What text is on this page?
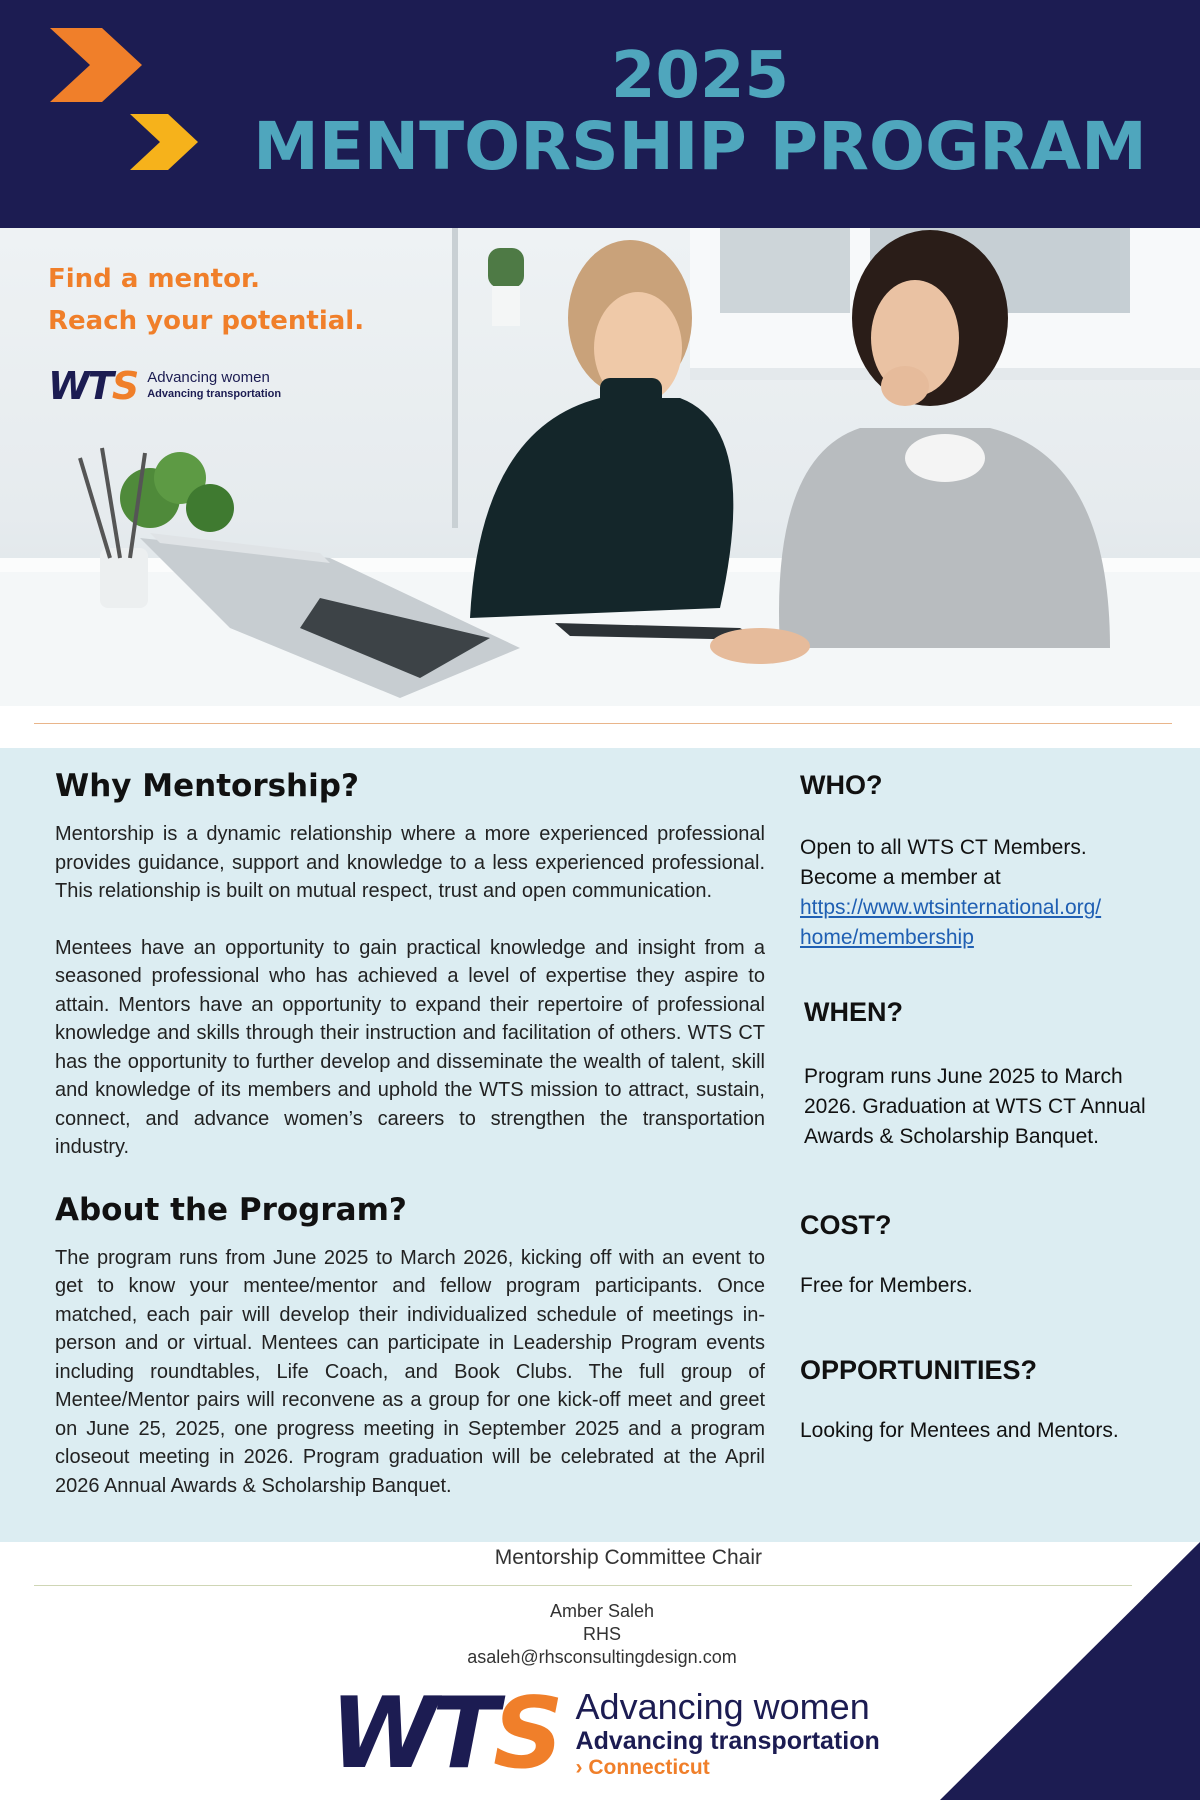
2025
MENTORSHIP PROGRAM
Find a mentor.
Reach your potential.
WTS Advancing women
Advancing transportation
Why Mentorship?

Mentorship is a dynamic relationship where a more experienced professional provides guidance, support and knowledge to a less experienced professional. This relationship is built on mutual respect, trust and open communication.

Mentees have an opportunity to gain practical knowledge and insight from a seasoned professional who has achieved a level of expertise they aspire to attain. Mentors have an opportunity to expand their repertoire of professional knowledge and skills through their instruction and facilitation of others. WTS CT has the opportunity to further develop and disseminate the wealth of talent, skill and knowledge of its members and uphold the WTS mission to attract, sustain, connect, and advance women’s careers to strengthen the transportation industry.

About the Program?

The program runs from June 2025 to March 2026, kicking off with an event to get to know your mentee/mentor and fellow program participants. Once matched, each pair will develop their individualized schedule of meetings in-person and or virtual. Mentees can participate in Leadership Program events including roundtables, Life Coach, and Book Clubs. The full group of Mentee/Mentor pairs will reconvene as a group for one kick-off meet and greet on June 25, 2025, one progress meeting in September 2025 and a program closeout meeting in 2026. Program graduation will be celebrated at the April 2026 Annual Awards & Scholarship Banquet.

WHO?

Open to all WTS CT Members.

Become a member at

https://www.wtsinternational.org/
home/membership

WHEN?

Program runs June 2025 to March 2026. Graduation at WTS CT Annual Awards & Scholarship Banquet.

COST?

Free for Members.

OPPORTUNITIES?

Looking for Mentees and Mentors.

Mentorship Committee Chair
Amber Saleh
RHS
asaleh@rhsconsultingdesign.com
WTS Advancing women
Advancing transportation
› Connecticut
